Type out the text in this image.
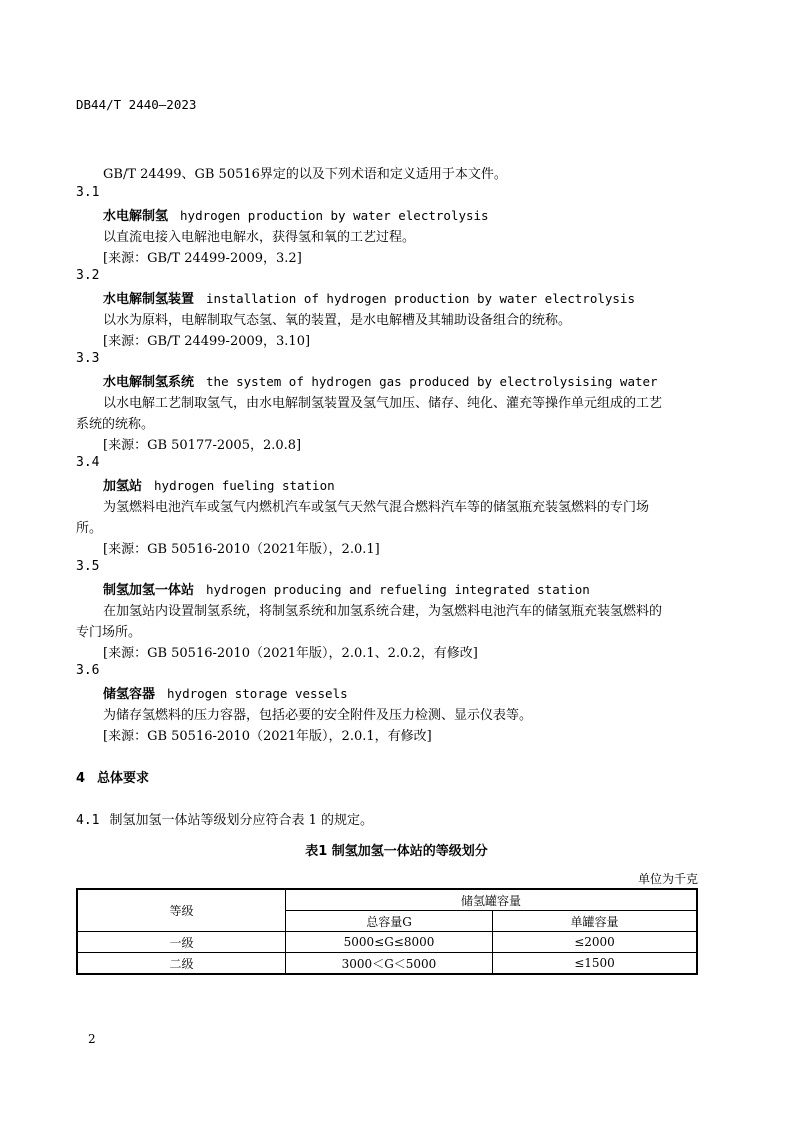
DB44/T 2440—2023
GB/T 24499、GB 50516界定的以及下列术语和定义适用于本文件。
3.1
水电解制氢 hydrogen production by water electrolysis
以直流电接入电解池电解水，获得氢和氧的工艺过程。
[来源：GB/T 24499-2009，3.2]
3.2
水电解制氢装置 installation of hydrogen production by water electrolysis
以水为原料，电解制取气态氢、氧的装置，是水电解槽及其辅助设备组合的统称。
[来源：GB/T 24499-2009，3.10]
3.3
水电解制氢系统 the system of hydrogen gas produced by electrolysising water
以水电解工艺制取氢气，由水电解制氢装置及氢气加压、储存、纯化、灌充等操作单元组成的工艺
系统的统称。
[来源：GB 50177-2005，2.0.8]
3.4
加氢站 hydrogen fueling station
为氢燃料电池汽车或氢气内燃机汽车或氢气天然气混合燃料汽车等的储氢瓶充装氢燃料的专门场
所。
[来源：GB 50516-2010（2021年版），2.0.1]
3.5
制氢加氢一体站 hydrogen producing and refueling integrated station
在加氢站内设置制氢系统，将制氢系统和加氢系统合建，为氢燃料电池汽车的储氢瓶充装氢燃料的
专门场所。
[来源：GB 50516-2010（2021年版），2.0.1、2.0.2，有修改]
3.6
储氢容器 hydrogen storage vessels
为储存氢燃料的压力容器，包括必要的安全附件及压力检测、显示仪表等。
[来源：GB 50516-2010（2021年版），2.0.1，有修改]
4 总体要求
4.1 制氢加氢一体站等级划分应符合表 1 的规定。
表1 制氢加氢一体站的等级划分
单位为千克
等级	储氢罐容量	
	总容量G	单罐容量
一级	5000≤G≤8000	≤2000
二级	3000＜G＜5000	≤1500
2
